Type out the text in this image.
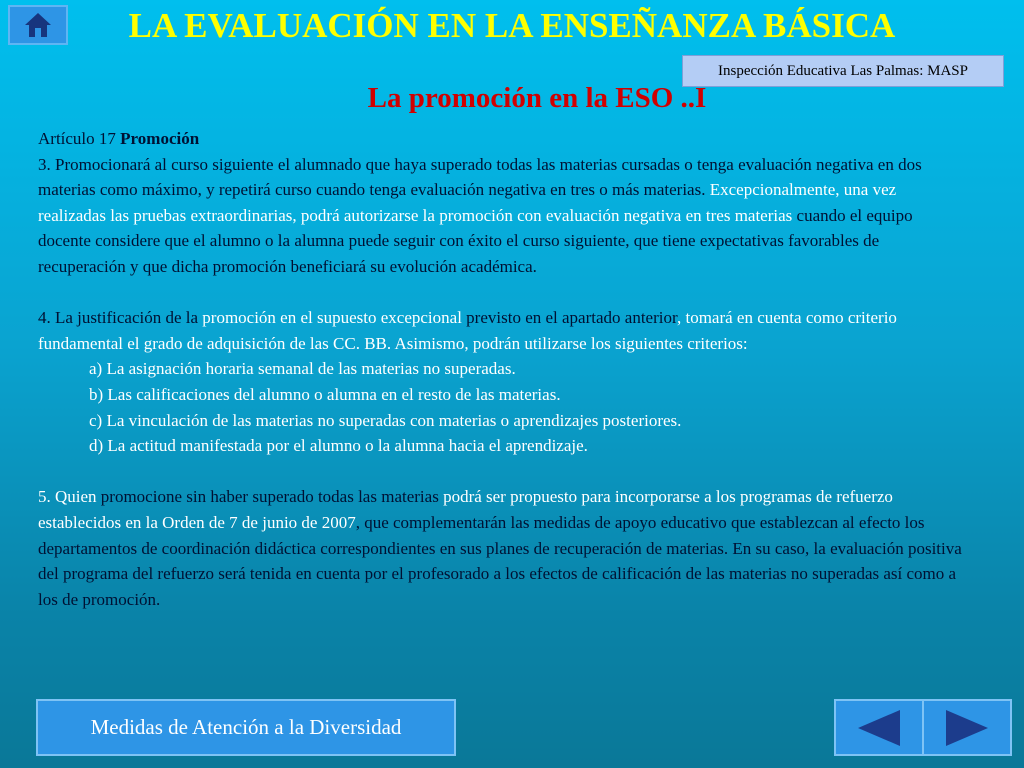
LA EVALUACIÓN EN LA ENSEÑANZA BÁSICA
Inspección Educativa Las Palmas: MASP
La promoción en la ESO ..I

Artículo 17 Promoción

3. Promocionará al curso siguiente el alumnado que haya superado todas las materias cursadas o tenga evaluación negativa en dos materias como máximo, y repetirá curso cuando tenga evaluación negativa en tres o más materias. Excepcionalmente, una vez realizadas las pruebas extraordinarias, podrá autorizarse la promoción con evaluación negativa en tres materias cuando el equipo docente considere que el alumno o la alumna puede seguir con éxito el curso siguiente, que tiene expectativas favorables de recuperación y que dicha promoción beneficiará su evolución académica.

4. La justificación de la promoción en el supuesto excepcional previsto en el apartado anterior, tomará en cuenta como criterio fundamental el grado de adquisición de las CC. BB. Asimismo, podrán utilizarse los siguientes criterios:

a) La asignación horaria semanal de las materias no superadas.

b) Las calificaciones del alumno o alumna en el resto de las materias.

c) La vinculación de las materias no superadas con materias o aprendizajes posteriores.

d) La actitud manifestada por el alumno o la alumna hacia el aprendizaje.

5. Quien promocione sin haber superado todas las materias podrá ser propuesto para incorporarse a los programas de refuerzo establecidos en la Orden de 7 de junio de 2007, que complementarán las medidas de apoyo educativo que establezcan al efecto los departamentos de coordinación didáctica correspondientes en sus planes de recuperación de materias. En su caso, la evaluación positiva del programa del refuerzo será tenida en cuenta por el profesorado a los efectos de calificación de las materias no superadas así como a los de promoción.

Medidas de Atención a la Diversidad
